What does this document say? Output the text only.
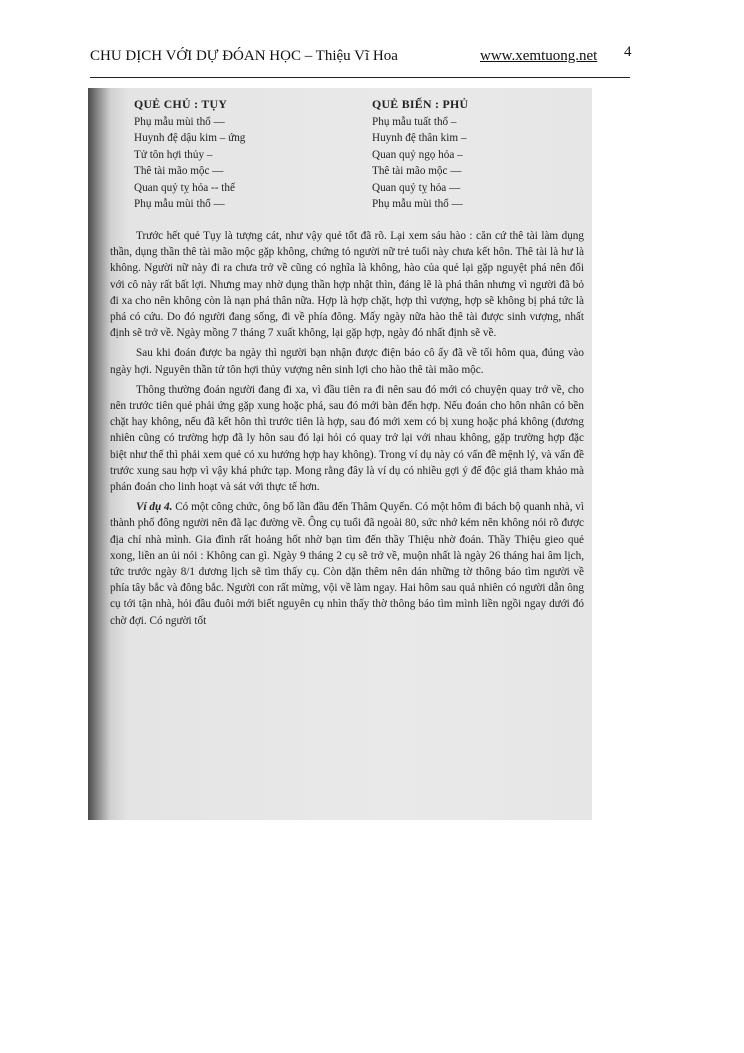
CHU DỊCH VỚI DỰ ĐÓAN HỌC – Thiệu Vĩ Hoa	www.xemtuong.net 4
QUẺ CHỦ : TỤY
Phụ mẫu mùi thổ —
Huynh đệ dậu kim – ứng
Tử tôn hợi thủy –
Thê tài mão mộc —
Quan quỷ tỵ hỏa -- thế
Phụ mẫu mùi thổ —
QUẺ BIẾN : PHỦ
Phụ mẫu tuất thổ –
Huynh đệ thân kim –
Quan quỷ ngọ hỏa –
Thê tài mão mộc —
Quan quỷ tỵ hỏa —
Phụ mẫu mùi thổ —

Trước hết quẻ Tụy là tượng cát, như vậy quẻ tốt đã rõ. Lại xem sáu hào : căn cứ thê tài làm dụng thần, dụng thần thê tài mão mộc gặp không, chứng tỏ người nữ trẻ tuổi này chưa kết hôn. Thê tài là hư là không. Người nữ này đi ra chưa trở về cũng có nghĩa là không, hào của quẻ lại gặp nguyệt phá nên đối với cô này rất bất lợi. Nhưng may nhờ dụng thần hợp nhật thìn, đáng lẽ là phá thân nhưng vì người đã bỏ đi xa cho nên không còn là nạn phá thân nữa. Hợp là hợp chặt, hợp thì vượng, hợp sẽ không bị phá tức là phá có cứu. Do đó người đang sống, đi về phía đông. Mấy ngày nữa hào thê tài được sinh vượng, nhất định sẽ trở về. Ngày mồng 7 tháng 7 xuất không, lại gặp hợp, ngày đó nhất định sẽ về.

Sau khi đoán được ba ngày thì người bạn nhận được điện báo cô ấy đã về tối hôm qua, đúng vào ngày hợi. Nguyên thần tử tôn hợi thủy vượng nên sinh lợi cho hào thê tài mão mộc.

Thông thường đoán người đang đi xa, vì đầu tiên ra đi nên sau đó mới có chuyện quay trở về, cho nên trước tiên quẻ phải ứng gặp xung hoặc phá, sau đó mới bàn đến hợp. Nếu đoán cho hôn nhân có bền chặt hay không, nếu đã kết hôn thì trước tiên là hợp, sau đó mới xem có bị xung hoặc phá không (đương nhiên cũng có trường hợp đã ly hôn sau đó lại hỏi có quay trở lại với nhau không, gặp trường hợp đặc biệt như thế thì phải xem quẻ có xu hướng hợp hay không). Trong ví dụ này có vấn đề mệnh lý, và vấn đề trước xung sau hợp vì vậy khá phức tạp. Mong rằng đây là ví dụ có nhiều gợi ý để độc giả tham khảo mà phán đoán cho linh hoạt và sát với thực tế hơn.

Ví dụ 4. Có một công chức, ông bố lần đầu đến Thâm Quyến. Có một hôm đi bách bộ quanh nhà, vì thành phố đông người nên đã lạc đường về. Ông cụ tuổi đã ngoài 80, sức nhớ kém nên không nói rõ được địa chỉ nhà mình. Gia đình rất hoảng hốt nhờ bạn tìm đến thầy Thiệu nhờ đoán. Thầy Thiệu gieo quẻ xong, liền an ủi nói : Không can gì. Ngày 9 tháng 2 cụ sẽ trở về, muộn nhất là ngày 26 tháng hai âm lịch, tức trước ngày 8/1 dương lịch sẽ tìm thấy cụ. Còn dặn thêm nên dán những tờ thông báo tìm người về phía tây bắc và đông bắc. Người con rất mừng, vội về làm ngay. Hai hôm sau quả nhiên có người dẫn ông cụ tới tận nhà, hỏi đầu đuôi mới biết nguyên cụ nhìn thấy thờ thông báo tìm mình liền ngồi ngay dưới đó chờ đợi. Có người tốt
